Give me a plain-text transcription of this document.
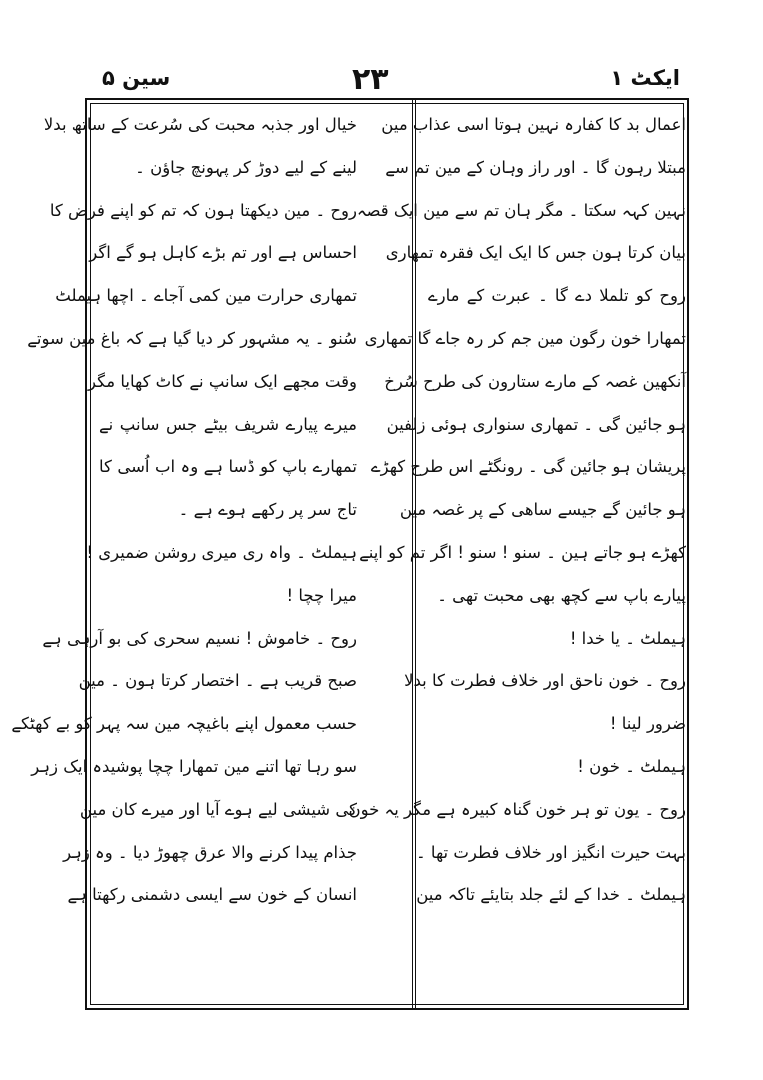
سین ۵	۲۳	ایکٹ ۱
اعمال بد کا کفارہ نہین ہوتا اسی عذاب مین
مبتلا رہون گا ۔ اور راز وہان کے مین تم سے
نہین کہہ سکتا ۔ مگر ہان تم سے مین ایک قصہ
بیان کرتا ہون جس کا ایک ایک فقرہ تمھاری
روح کو تلملا دے گا ۔ عبرت کے مارے
تمھارا خون رگون مین جم کر رہ جاے گا تمھاری
آنکھین غصہ کے مارے ستارون کی طرح سُرخ
ہو جائین گی ۔ تمھاری سنواری ہوئی زلفین
پریشان ہو جائین گی ۔ رونگٹے اس طرح کھڑے
ہو جائین گے جیسے ساھی کے پر غصہ مین
کھڑے ہو جاتے ہین ۔ سنو ! سنو ! اگر تم کو اپنے
پیارے باپ سے کچھ بھی محبت تھی ۔
ہیملٹ ۔ یا خدا !
روح ۔ خون ناحق اور خلاف فطرت کا بدلا
ضرور لینا !
ہیملٹ ۔ خون !
روح ۔ یون تو ہر خون گناہ کبیرہ ہے مگر یہ خون
بہت حیرت انگیز اور خلاف فطرت تھا ۔
ہیملٹ ۔ خدا کے لئے جلد بتایئے تاکہ مین
خیال اور جذبہ محبت کی سُرعت کے ساتھ بدلا
لینے کے لیے دوڑ کر پہونچ جاؤن ۔
روح ۔ مین دیکھتا ہون کہ تم کو اپنے فرض کا
احساس ہے اور تم بڑے کاہل ہو گے اگر
تمھاری حرارت مین کمی آجاے ۔ اچھا ہیملٹ
سُنو ۔ یہ مشہور کر دیا گیا ہے کہ باغ مین سوتے
وقت مجھے ایک سانپ نے کاٹ کھایا مگر
میرے پیارے شریف بیٹے جس سانپ نے
تمھارے باپ کو ڈسا ہے وہ اب اُسی کا
تاج سر پر رکھے ہوے ہے ۔
ہیملٹ ۔ واہ ری میری روشن ضمیری !
میرا چچا !
روح ۔ خاموش ! نسیم سحری کی بو آرہی ہے
صبح قریب ہے ۔ اختصار کرتا ہون ۔ مین
حسب معمول اپنے باغیچہ مین سہ پہر کو بے کھٹکے
سو رہا تھا اتنے مین تمھارا چچا پوشیدہ ایک زہر
کی شیشی لیے ہوے آیا اور میرے کان مین
جذام پیدا کرنے والا عرق چھوڑ دیا ۔ وہ زہر
انسان کے خون سے ایسی دشمنی رکھتا ہے
